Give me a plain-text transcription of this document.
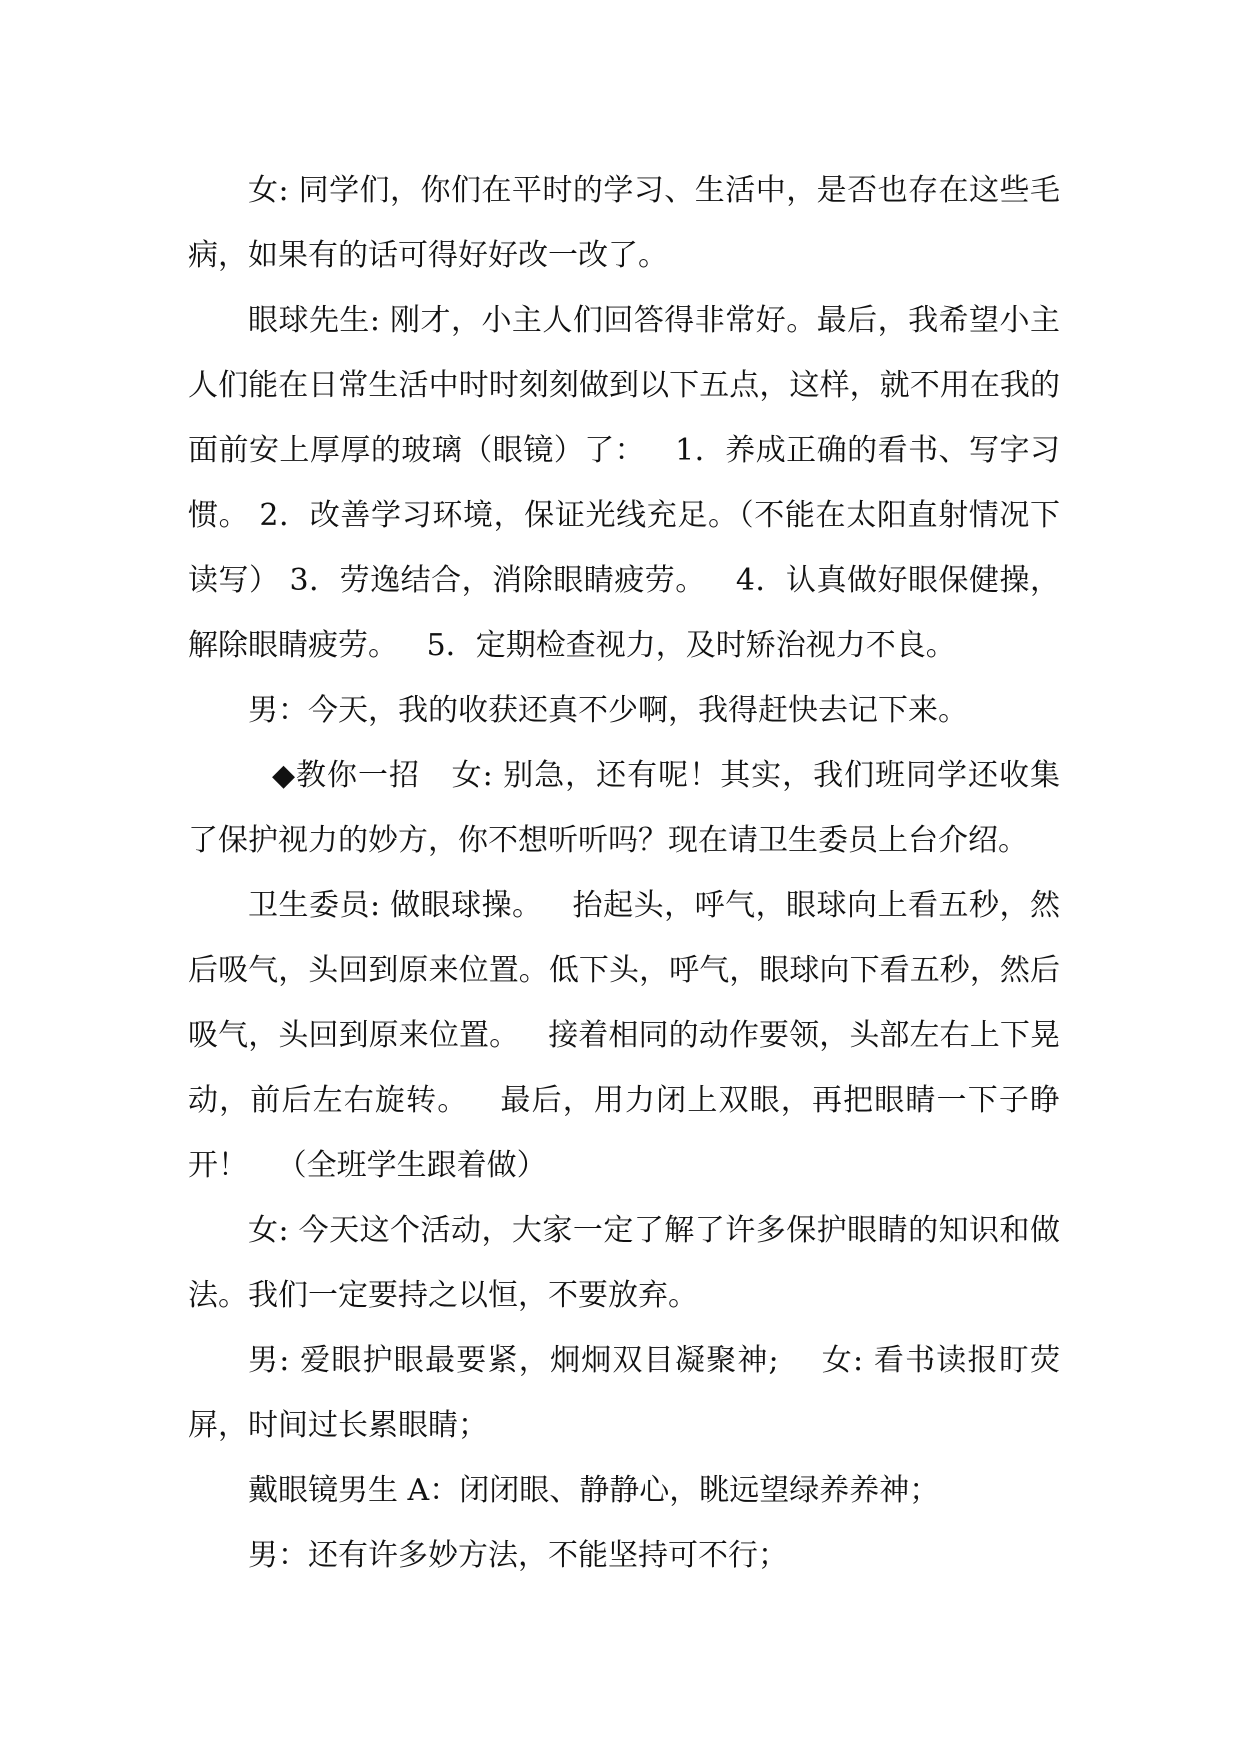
女: 同学们，你们在平时的学习、生活中，是否也存在这些毛病，如果有的话可得好好改一改了。

眼球先生: 刚才，小主人们回答得非常好。最后，我希望小主人们能在日常生活中时时刻刻做到以下五点，这样，就不用在我的面前安上厚厚的玻璃（眼镜）了：   1．养成正确的看书、写字习惯。 2．改善学习环境，保证光线充足。（不能在太阳直射情况下读写） 3．劳逸结合，消除眼睛疲劳。   4．认真做好眼保健操，解除眼睛疲劳。   5．定期检查视力，及时矫治视力不良。

男：今天，我的收获还真不少啊，我得赶快去记下来。

◆教你一招   女: 别急，还有呢！其实，我们班同学还收集了保护视力的妙方，你不想听听吗？现在请卫生委员上台介绍。

卫生委员: 做眼球操。   抬起头，呼气，眼球向上看五秒，然后吸气，头回到原来位置。低下头，呼气，眼球向下看五秒，然后吸气，头回到原来位置。   接着相同的动作要领，头部左右上下晃动，前后左右旋转。   最后，用力闭上双眼，再把眼睛一下子睁开！   （全班学生跟着做）

女: 今天这个活动，大家一定了解了许多保护眼睛的知识和做法。我们一定要持之以恒，不要放弃。

男: 爱眼护眼最要紧，炯炯双目凝聚神;    女: 看书读报盯荧屏，时间过长累眼睛；

戴眼镜男生 A：闭闭眼、静静心，眺远望绿养养神；

男：还有许多妙方法，不能坚持可不行；
